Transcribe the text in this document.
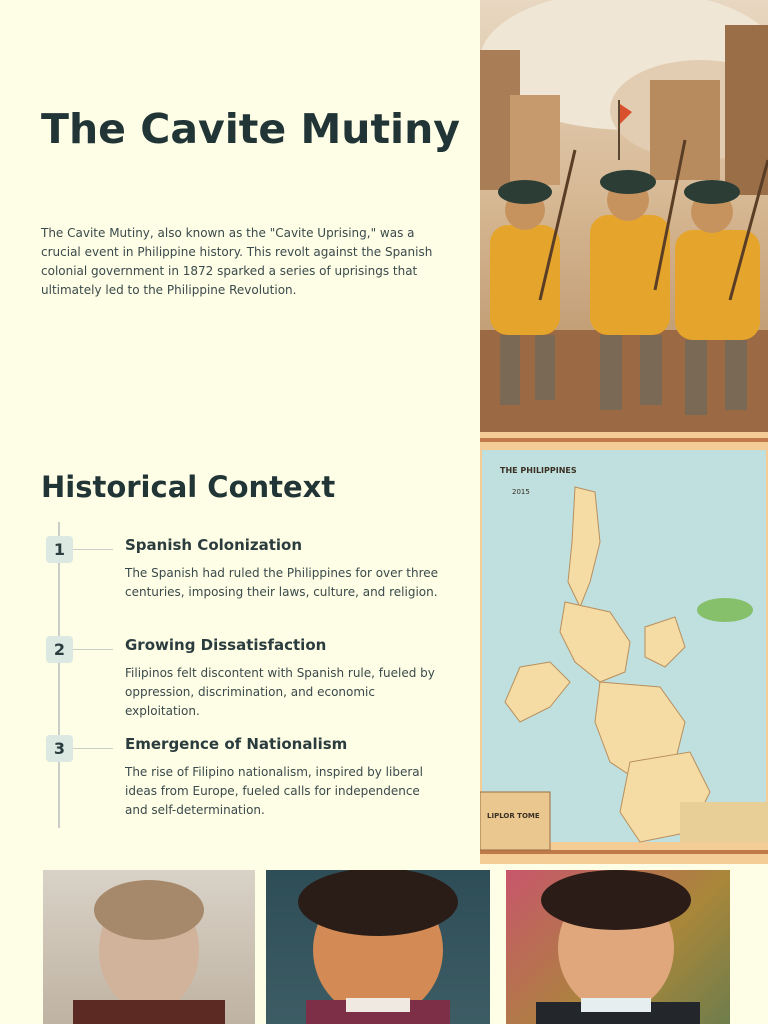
The Cavite Mutiny

The Cavite Mutiny, also known as the "Cavite Uprising," was a crucial event in Philippine history. This revolt against the Spanish colonial government in 1872 sparked a series of uprisings that ultimately led to the Philippine Revolution.

Historical Context
1	Spanish Colonization
The Spanish had ruled the Philippines for over three centuries, imposing their laws, culture, and religion.
2	Growing Dissatisfaction
Filipinos felt discontent with Spanish rule, fueled by oppression, discrimination, and economic exploitation.
3	Emergence of Nationalism
The rise of Filipino nationalism, inspired by liberal ideas from Europe, fueled calls for independence and self-determination.
THE PHILIPPINES
2015
LIPLOR TOME
